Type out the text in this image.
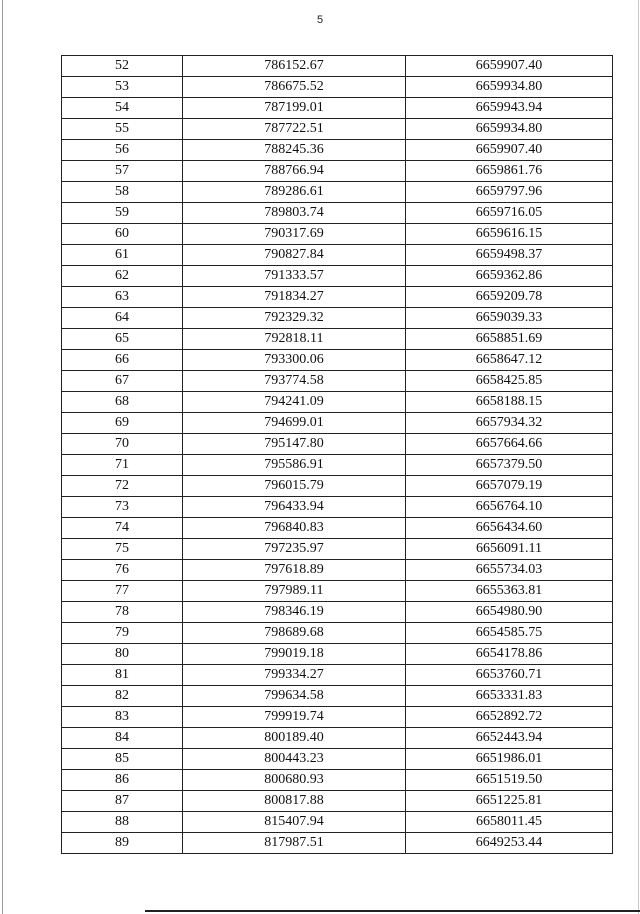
5
52	786152.67	6659907.40
53	786675.52	6659934.80
54	787199.01	6659943.94
55	787722.51	6659934.80
56	788245.36	6659907.40
57	788766.94	6659861.76
58	789286.61	6659797.96
59	789803.74	6659716.05
60	790317.69	6659616.15
61	790827.84	6659498.37
62	791333.57	6659362.86
63	791834.27	6659209.78
64	792329.32	6659039.33
65	792818.11	6658851.69
66	793300.06	6658647.12
67	793774.58	6658425.85
68	794241.09	6658188.15
69	794699.01	6657934.32
70	795147.80	6657664.66
71	795586.91	6657379.50
72	796015.79	6657079.19
73	796433.94	6656764.10
74	796840.83	6656434.60
75	797235.97	6656091.11
76	797618.89	6655734.03
77	797989.11	6655363.81
78	798346.19	6654980.90
79	798689.68	6654585.75
80	799019.18	6654178.86
81	799334.27	6653760.71
82	799634.58	6653331.83
83	799919.74	6652892.72
84	800189.40	6652443.94
85	800443.23	6651986.01
86	800680.93	6651519.50
87	800817.88	6651225.81
88	815407.94	6658011.45
89	817987.51	6649253.44
